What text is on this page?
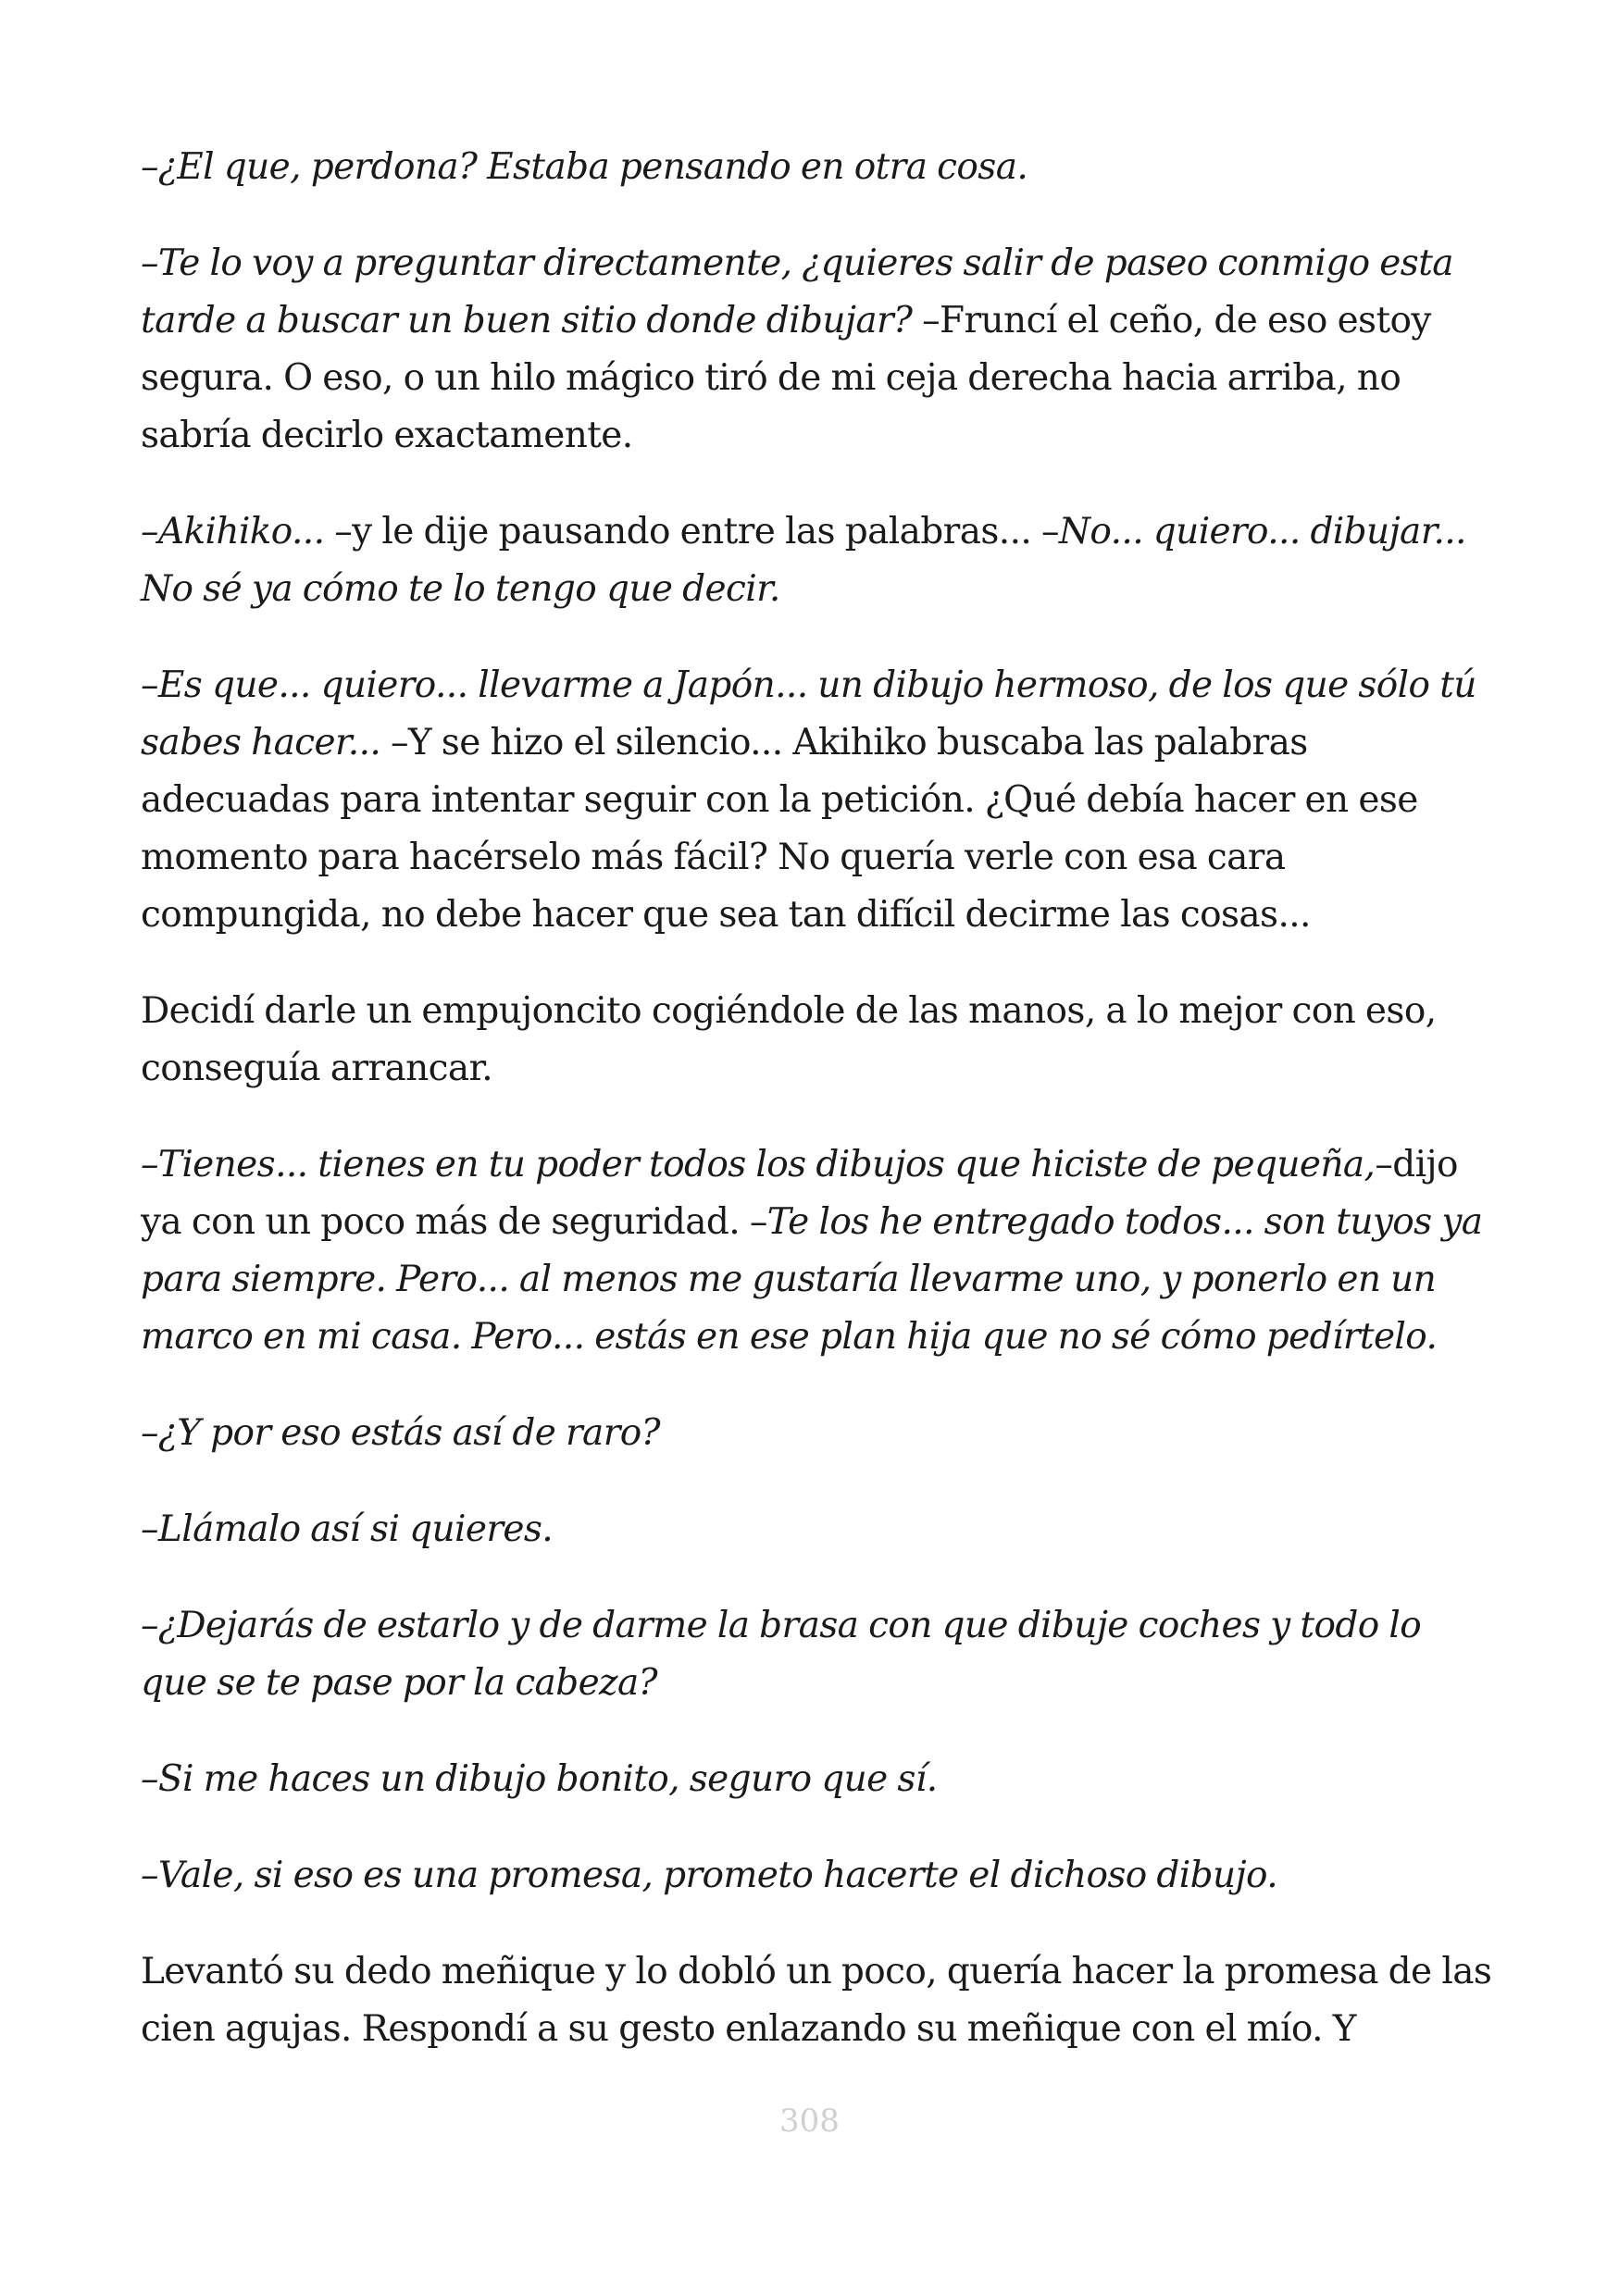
–¿El que, perdona? Estaba pensando en otra cosa.

–Te lo voy a preguntar directamente, ¿quieres salir de paseo conmigo esta tarde a buscar un buen sitio donde dibujar? –Fruncí el ceño, de eso estoy segura. O eso, o un hilo mágico tiró de mi ceja derecha hacia arriba, no sabría decirlo exactamente.

–Akihiko... –y le dije pausando entre las palabras... –No... quiero... dibujar... No sé ya cómo te lo tengo que decir.

–Es que... quiero... llevarme a Japón... un dibujo hermoso, de los que sólo tú sabes hacer... –Y se hizo el silencio... Akihiko buscaba las palabras adecuadas para intentar seguir con la petición. ¿Qué debía hacer en ese momento para hacérselo más fácil? No quería verle con esa cara compungida, no debe hacer que sea tan difícil decirme las cosas...

Decidí darle un empujoncito cogiéndole de las manos, a lo mejor con eso, conseguía arrancar.

–Tienes... tienes en tu poder todos los dibujos que hiciste de pequeña,–dijo ya con un poco más de seguridad. –Te los he entregado todos... son tuyos ya para siempre. Pero... al menos me gustaría llevarme uno, y ponerlo en un marco en mi casa. Pero... estás en ese plan hija que no sé cómo pedírtelo.

–¿Y por eso estás así de raro?

–Llámalo así si quieres.

–¿Dejarás de estarlo y de darme la brasa con que dibuje coches y todo lo que se te pase por la cabeza?

–Si me haces un dibujo bonito, seguro que sí.

–Vale, si eso es una promesa, prometo hacerte el dichoso dibujo.

Levantó su dedo meñique y lo dobló un poco, quería hacer la promesa de las cien agujas. Respondí a su gesto enlazando su meñique con el mío. Y

308
